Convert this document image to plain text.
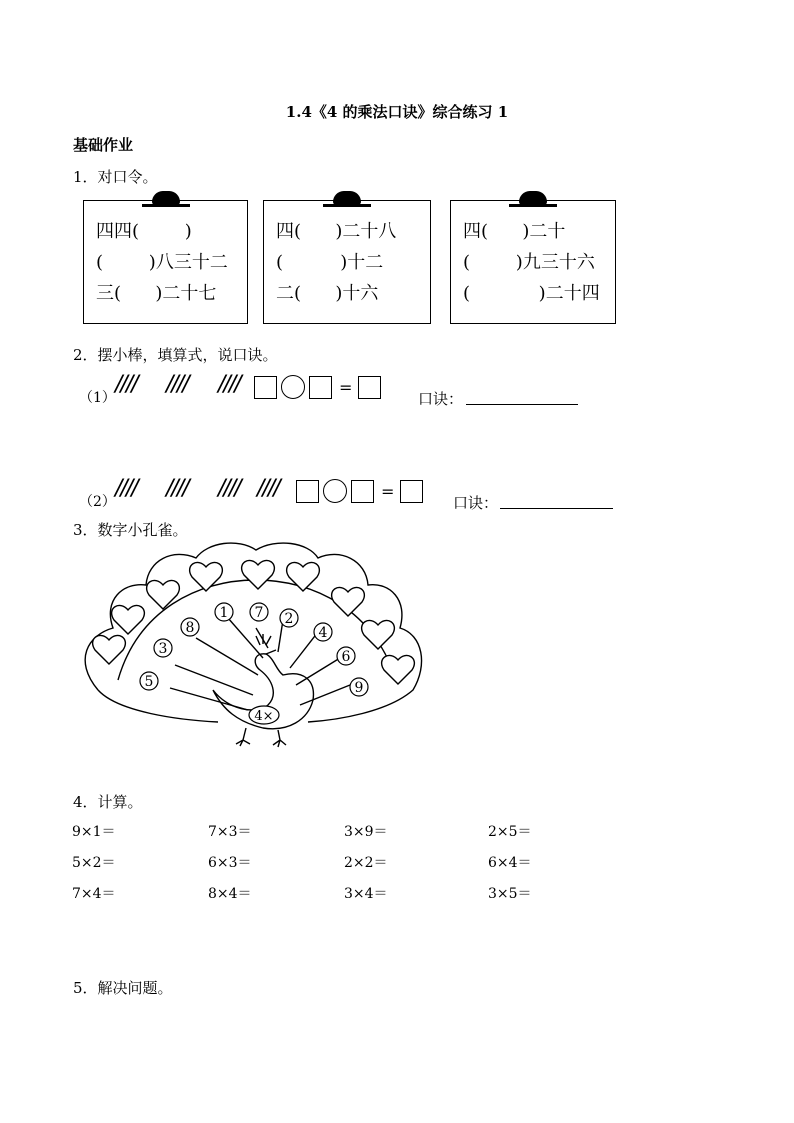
1.4《4 的乘法口诀》综合练习 1
基础作业
1．对口令。
四四(        )
(        )八三十二
三(      )二十七
四(      )二十八
(          )十二
二(      )十六
四(      )二十
(        )九三十六
(            )二十四
2．摆小棒，填算式，说口诀。
（1）
//// //// ////	=
口诀：
（2）
//// //// //// ////	=
口诀：
3．数字小孔雀。
1 7 2
8	4
3	6
5	9
4×
4．计算。
9×1＝	7×3＝	3×9＝	2×5＝
5×2＝	6×3＝	2×2＝	6×4＝
7×4＝	8×4＝	3×4＝	3×5＝
5．解决问题。
